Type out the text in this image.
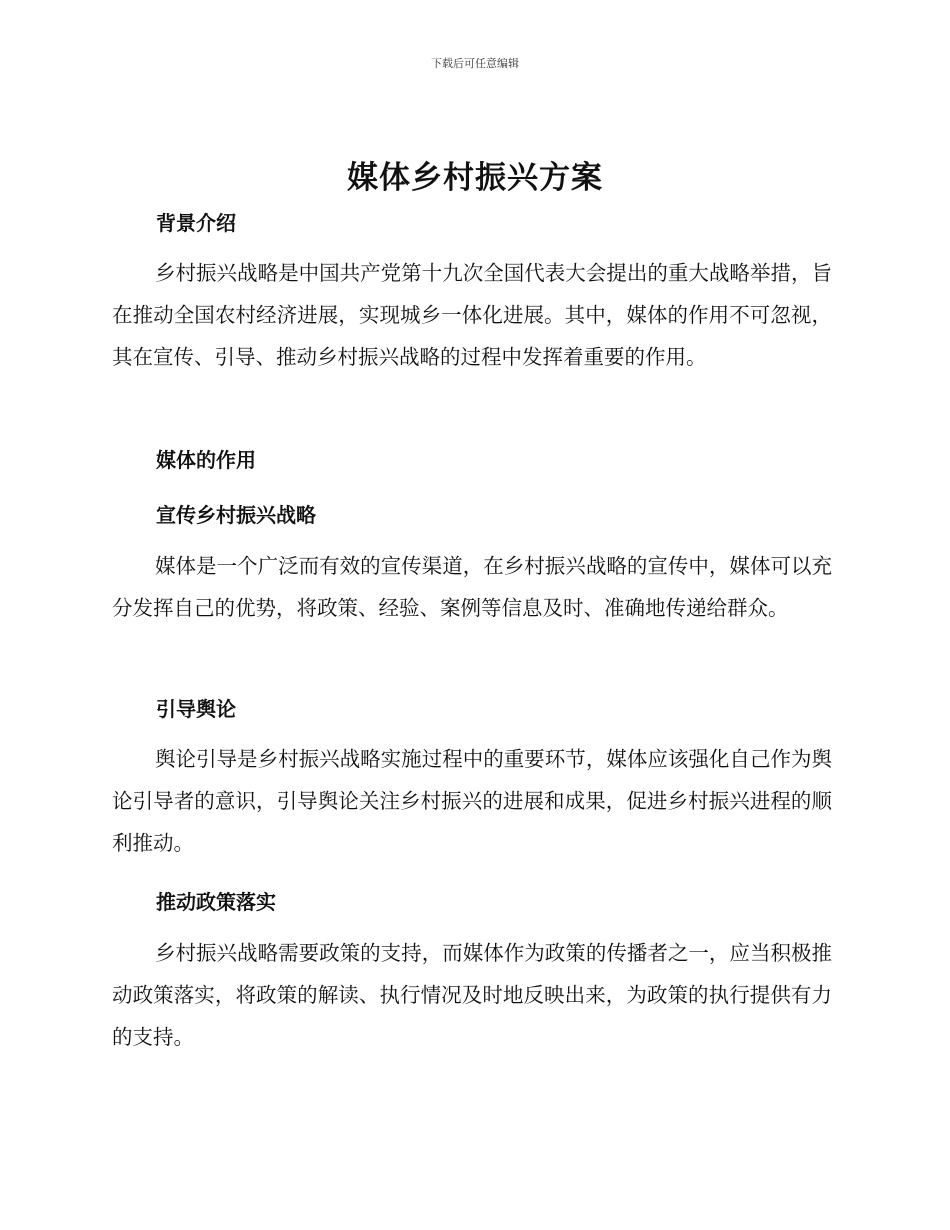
下载后可任意编辑
媒体乡村振兴方案
背景介绍

乡村振兴战略是中国共产党第十九次全国代表大会提出的重大战略举措，旨在推动全国农村经济进展，实现城乡一体化进展。其中，媒体的作用不可忽视，其在宣传、引导、推动乡村振兴战略的过程中发挥着重要的作用。

媒体的作用
宣传乡村振兴战略

媒体是一个广泛而有效的宣传渠道，在乡村振兴战略的宣传中，媒体可以充分发挥自己的优势，将政策、经验、案例等信息及时、准确地传递给群众。

引导舆论

舆论引导是乡村振兴战略实施过程中的重要环节，媒体应该强化自己作为舆论引导者的意识，引导舆论关注乡村振兴的进展和成果，促进乡村振兴进程的顺利推动。

推动政策落实

乡村振兴战略需要政策的支持，而媒体作为政策的传播者之一，应当积极推动政策落实，将政策的解读、执行情况及时地反映出来，为政策的执行提供有力的支持。
